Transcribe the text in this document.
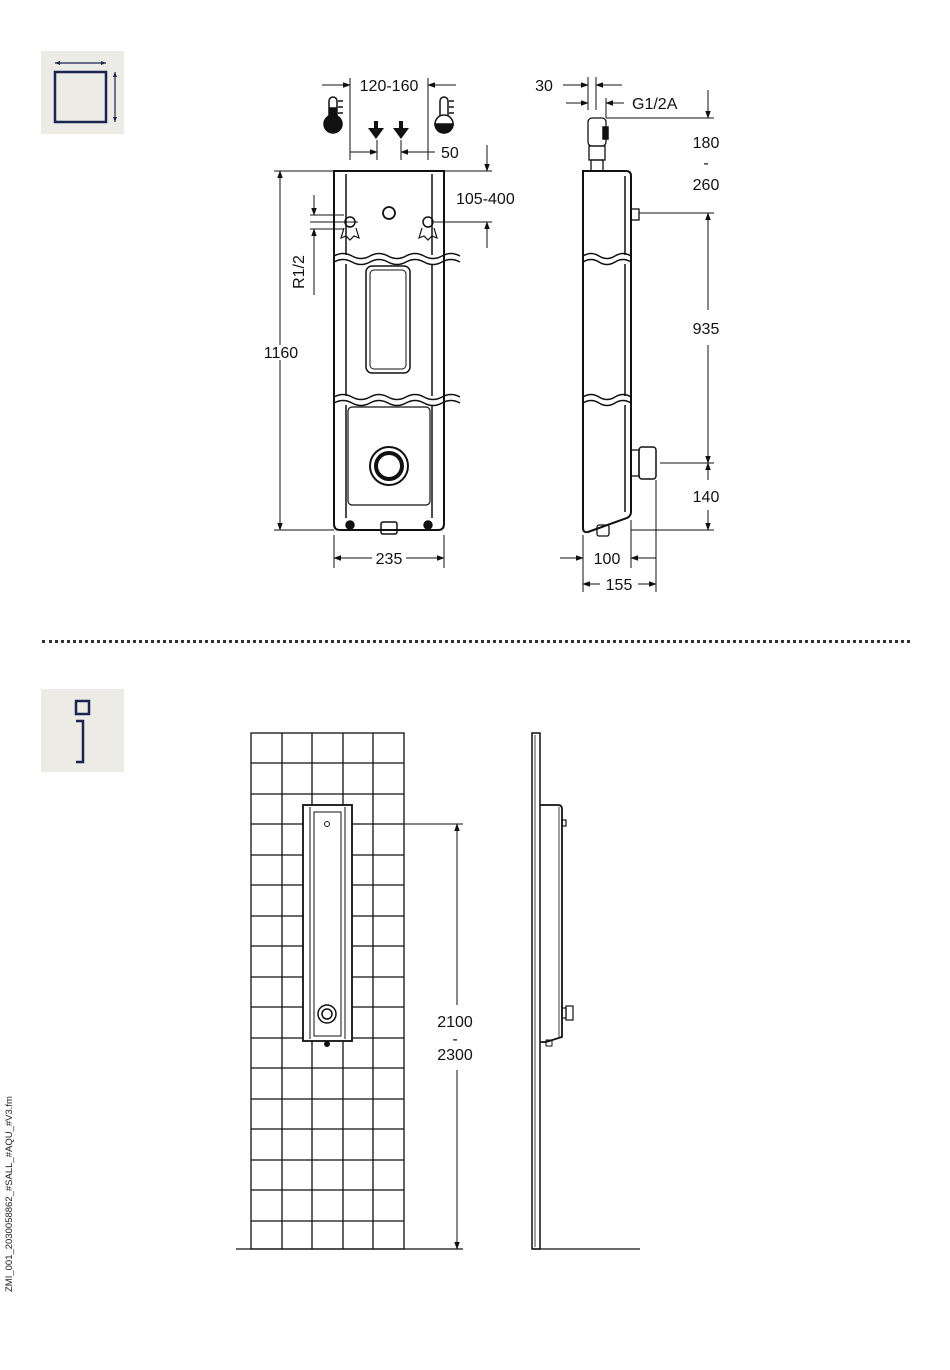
120-160
50
105-400
R1/2
1160
235
30
G1/2A
180
-
260
935
140
100
155
2100
-
2300
ZMI_001_2030058862_#SALL_#AQU_#V3.fm
